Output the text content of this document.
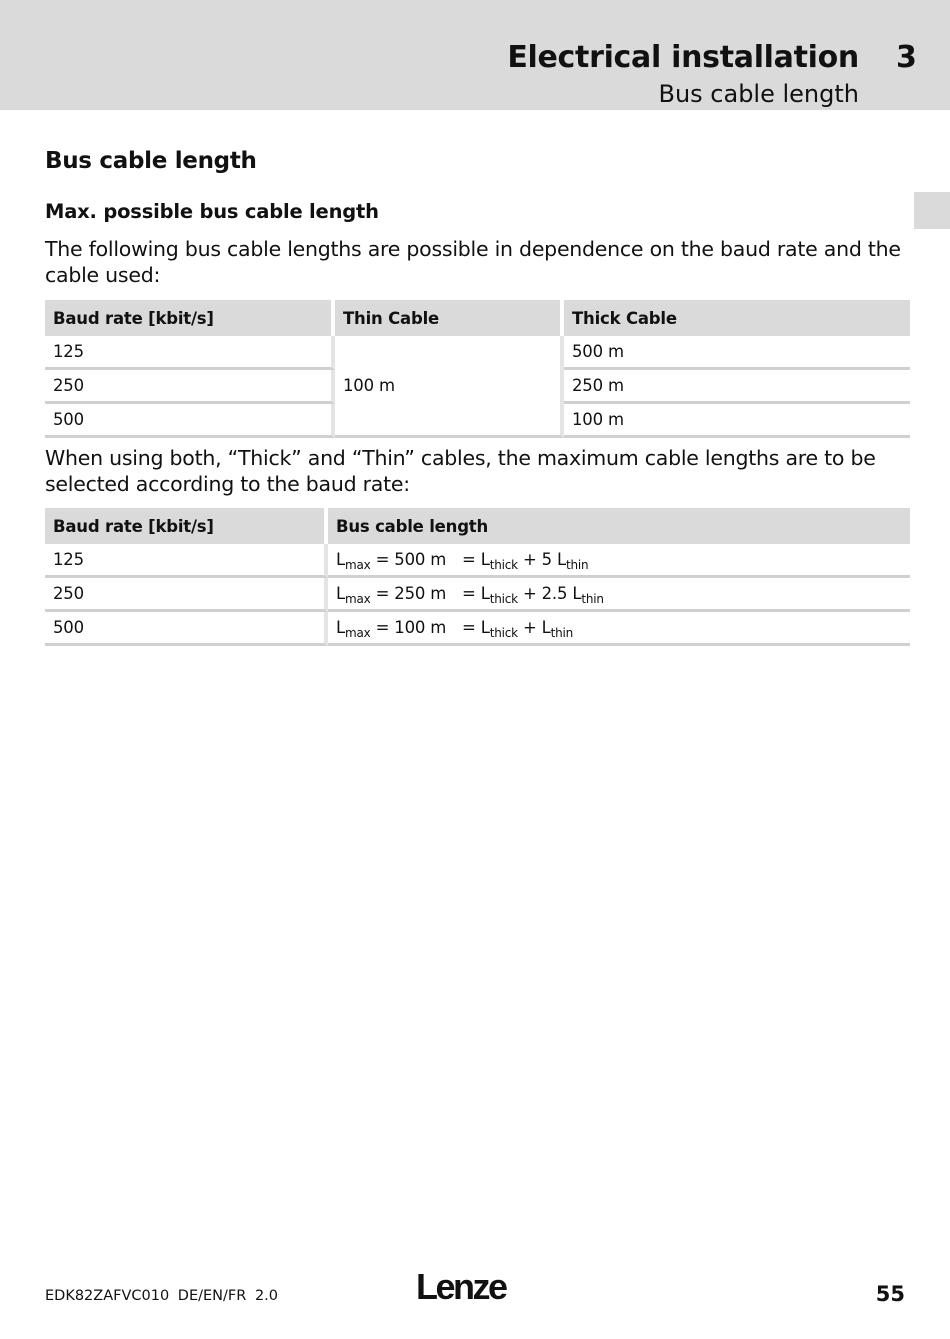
Electrical installation 3
Bus cable length
Bus cable length
Max. possible bus cable length
The following bus cable lengths are possible in dependence on the baud rate and the cable used:
Baud rate [kbit/s]	Thin Cable	Thick Cable
125	100 m	500 m
250		250 m
500		100 m
When using both, “Thick” and “Thin” cables, the maximum cable lengths are to be selected according to the baud rate:
Baud rate [kbit/s]	Bus cable length
125	$L_{max} = 500$ $m = L_{thick} + 5$ $L_{thin}$
250	$L_{max} = 250$ $m = L_{thick} + 2.5$ $L_{thin}$
500	$L_{max} = 100$ $m = L_{thick} + L_{thin}$
EDK82ZAFVC010 DE/EN/FR 2.0	Lenze	55
